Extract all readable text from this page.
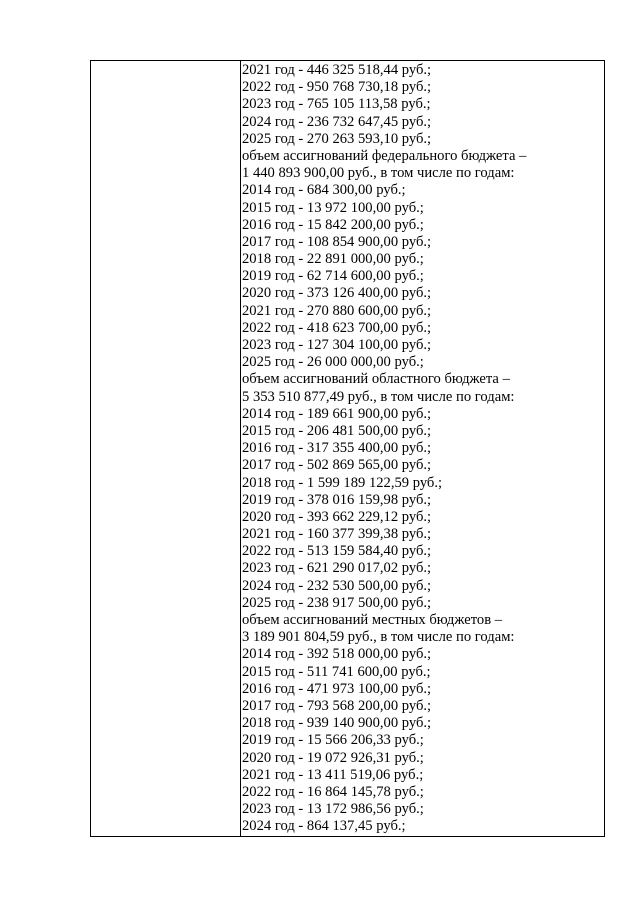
2021 год - 446 325 518,44 руб.;
2022 год - 950 768 730,18 руб.;
2023 год - 765 105 113,58 руб.;
2024 год - 236 732 647,45 руб.;
2025 год - 270 263 593,10 руб.;
объем ассигнований федерального бюджета –
1 440 893 900,00 руб., в том числе по годам:
2014 год - 684 300,00 руб.;
2015 год - 13 972 100,00 руб.;
2016 год - 15 842 200,00 руб.;
2017 год - 108 854 900,00 руб.;
2018 год - 22 891 000,00 руб.;
2019 год - 62 714 600,00 руб.;
2020 год - 373 126 400,00 руб.;
2021 год - 270 880 600,00 руб.;
2022 год - 418 623 700,00 руб.;
2023 год - 127 304 100,00 руб.;
2025 год - 26 000 000,00 руб.;
объем ассигнований областного бюджета –
5 353 510 877,49 руб., в том числе по годам:
2014 год - 189 661 900,00 руб.;
2015 год - 206 481 500,00 руб.;
2016 год - 317 355 400,00 руб.;
2017 год - 502 869 565,00 руб.;
2018 год - 1 599 189 122,59 руб.;
2019 год - 378 016 159,98 руб.;
2020 год - 393 662 229,12 руб.;
2021 год - 160 377 399,38 руб.;
2022 год - 513 159 584,40 руб.;
2023 год - 621 290 017,02 руб.;
2024 год - 232 530 500,00 руб.;
2025 год - 238 917 500,00 руб.;
объем ассигнований местных бюджетов –
3 189 901 804,59 руб., в том числе по годам:
2014 год - 392 518 000,00 руб.;
2015 год - 511 741 600,00 руб.;
2016 год - 471 973 100,00 руб.;
2017 год - 793 568 200,00 руб.;
2018 год - 939 140 900,00 руб.;
2019 год - 15 566 206,33 руб.;
2020 год - 19 072 926,31 руб.;
2021 год - 13 411 519,06 руб.;
2022 год - 16 864 145,78 руб.;
2023 год - 13 172 986,56 руб.;
2024 год - 864 137,45 руб.;
